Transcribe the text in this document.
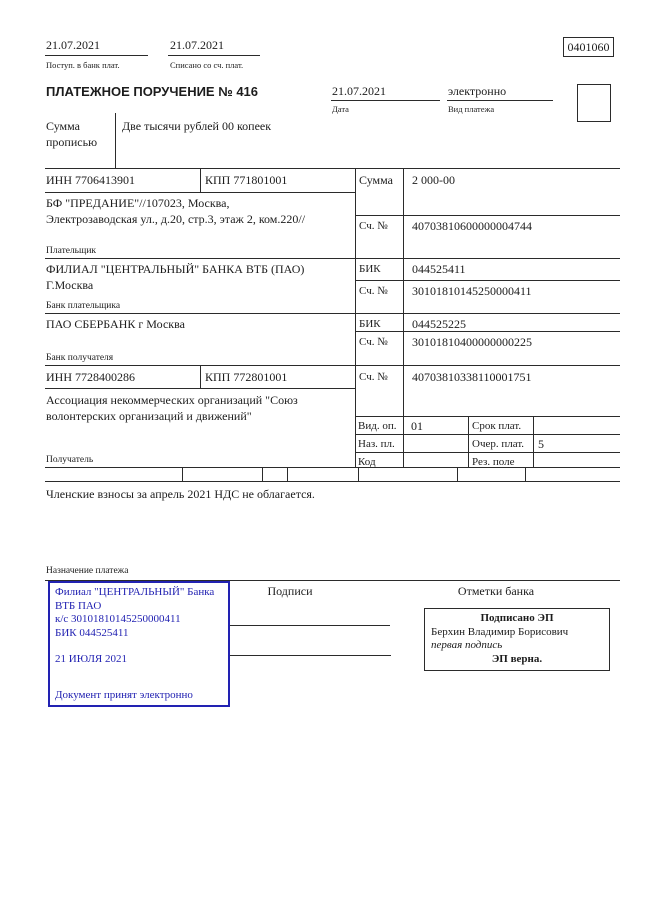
21.07.2021
Поступ. в банк плат.
21.07.2021
Списано со сч. плат.
0401060
ПЛАТЕЖНОЕ ПОРУЧЕНИЕ № 416	21.07.2021
Дата
электронно
Вид платежа
Сумма прописью
Две тысячи рублей 00 копеек
ИНН 7706413901	КПП 771801001	Сумма 2 000-00
БФ "ПРЕДАНИЕ"//107023, Москва, Электрозаводская ул., д.20, стр.3, этаж 2, ком.220//	Сч. № 40703810600000004744
Плательщик
ФИЛИАЛ "ЦЕНТРАЛЬНЫЙ" БАНКА ВТБ (ПАО) Г.Москва
БИК	044525411
Сч. № 30101810145250000411
Банк плательщика
ПАО СБЕРБАНК г Москва	БИК	044525225
Сч. № 30101810400000000225
Банк получателя
ИНН 7728400286	КПП 772801001	Сч. № 40703810338110001751
Ассоциация некоммерческих организаций "Союз волонтерских организаций и движений"
Вид. оп. 01	Срок плат.
Наз. пл.	Очер. плат. 5
Код	Рез. поле
Получатель
Членские взносы за апрель 2021 НДС не облагается.
Назначение платежа
Филиал "ЦЕНТРАЛЬНЫЙ" Банка ВТБ ПАО
к/с 30101810145250000411
БИК 044525411
21 ИЮЛЯ 2021
Документ принят электронно
Подписи	Отметки банка
Подписано ЭП
Берхин Владимир Борисович
первая подпись
ЭП верна.
